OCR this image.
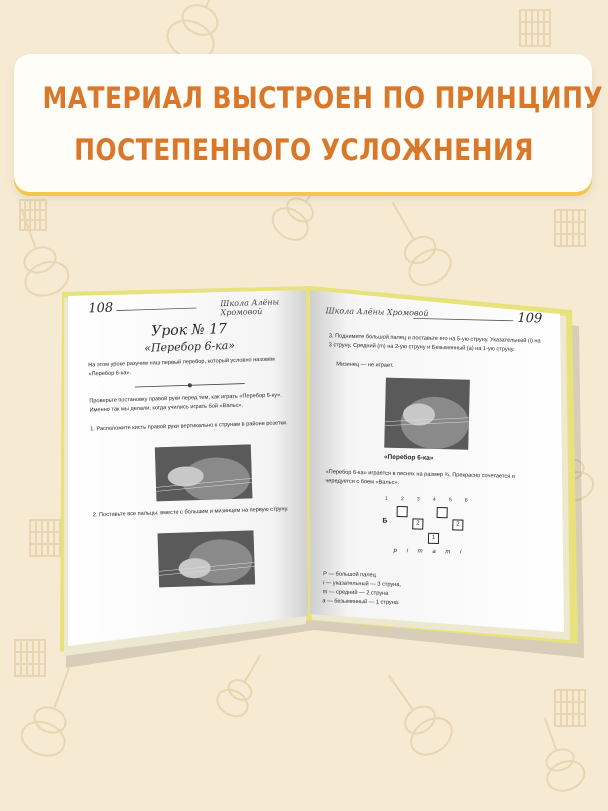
МАТЕРИАЛ ВЫСТРОЕН ПО ПРИНЦИПУ
ПОСТЕПЕННОГО УСЛОЖНЕНИЯ
108	Школа Алёны Хромовой
Урок № 17
«Перебор 6-ка»
На этом уроке разучим наш первый перебор, который условно назовём «Перебор 6-ка».
Проверьте постановку правой руки перед тем, как играть «Перебор 6-ку». Именно так мы делали, когда учились играть бой «Вальс».
1. Расположите кисть правой руки вертикально к струнам в районе розетки.
2. Поставьте все пальцы, вместе с большим и мизинцем на первую струну.
Школа Алёны Хромовой	109
3. Поднимите большой палец и поставьте его на 5-ую струну. Указательный (i) на 3 струну, Средний (m) на 2-ую струну и Безымянный (a) на 1-ую струну.
Мизинец — не играет.
«Перебор 6-ка»
«Перебор 6-ка» играется в песнях на размер ¾. Прекрасно сочетается и чередуется с боем «Вальс».
1	2	3	4	5	6
Б	2	2
1
p i m a m i
Р — большой палец
i — указательный — 3 струна,
m — средний — 2 струна
a — безымянный — 1 струна.
